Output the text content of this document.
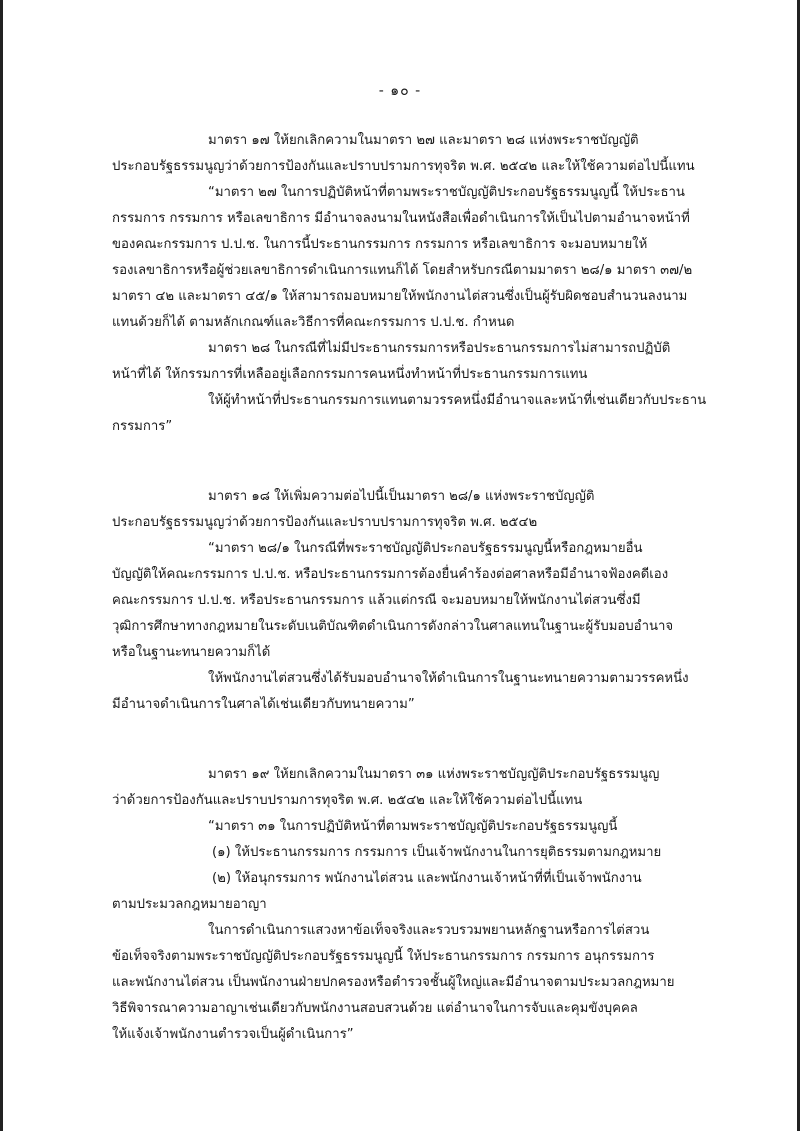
- ๑๐ -

มาตรา ๑๗ ให้ยกเลิกความในมาตรา ๒๗ และมาตรา ๒๘ แห่งพระราชบัญญัติ

ประกอบรัฐธรรมนูญว่าด้วยการป้องกันและปราบปรามการทุจริต พ.ศ. ๒๕๔๒ และให้ใช้ความต่อไปนี้แทน

“มาตรา ๒๗ ในการปฏิบัติหน้าที่ตามพระราชบัญญัติประกอบรัฐธรรมนูญนี้ ให้ประธาน

กรรมการ กรรมการ หรือเลขาธิการ มีอำนาจลงนามในหนังสือเพื่อดำเนินการให้เป็นไปตามอำนาจหน้าที่

ของคณะกรรมการ ป.ป.ช. ในการนี้ประธานกรรมการ กรรมการ หรือเลขาธิการ จะมอบหมายให้

รองเลขาธิการหรือผู้ช่วยเลขาธิการดำเนินการแทนก็ได้ โดยสำหรับกรณีตามมาตรา ๒๘/๑ มาตรา ๓๗/๒

มาตรา ๔๒ และมาตรา ๔๕/๑ ให้สามารถมอบหมายให้พนักงานไต่สวนซึ่งเป็นผู้รับผิดชอบสำนวนลงนาม

แทนด้วยก็ได้ ตามหลักเกณฑ์และวิธีการที่คณะกรรมการ ป.ป.ช. กำหนด

มาตรา ๒๘ ในกรณีที่ไม่มีประธานกรรมการหรือประธานกรรมการไม่สามารถปฏิบัติ

หน้าที่ได้ ให้กรรมการที่เหลืออยู่เลือกกรรมการคนหนึ่งทำหน้าที่ประธานกรรมการแทน

ให้ผู้ทำหน้าที่ประธานกรรมการแทนตามวรรคหนึ่งมีอำนาจและหน้าที่เช่นเดียวกับประธาน

กรรมการ”

มาตรา ๑๘ ให้เพิ่มความต่อไปนี้เป็นมาตรา ๒๘/๑ แห่งพระราชบัญญัติ

ประกอบรัฐธรรมนูญว่าด้วยการป้องกันและปราบปรามการทุจริต พ.ศ. ๒๕๔๒

“มาตรา ๒๘/๑ ในกรณีที่พระราชบัญญัติประกอบรัฐธรรมนูญนี้หรือกฎหมายอื่น

บัญญัติให้คณะกรรมการ ป.ป.ช. หรือประธานกรรมการต้องยื่นคำร้องต่อศาลหรือมีอำนาจฟ้องคดีเอง

คณะกรรมการ ป.ป.ช. หรือประธานกรรมการ แล้วแต่กรณี จะมอบหมายให้พนักงานไต่สวนซึ่งมี

วุฒิการศึกษาทางกฎหมายในระดับเนติบัณฑิตดำเนินการดังกล่าวในศาลแทนในฐานะผู้รับมอบอำนาจ

หรือในฐานะทนายความก็ได้

ให้พนักงานไต่สวนซึ่งได้รับมอบอำนาจให้ดำเนินการในฐานะทนายความตามวรรคหนึ่ง

มีอำนาจดำเนินการในศาลได้เช่นเดียวกับทนายความ”

มาตรา ๑๙ ให้ยกเลิกความในมาตรา ๓๑ แห่งพระราชบัญญัติประกอบรัฐธรรมนูญ

ว่าด้วยการป้องกันและปราบปรามการทุจริต พ.ศ. ๒๕๔๒ และให้ใช้ความต่อไปนี้แทน

“มาตรา ๓๑ ในการปฏิบัติหน้าที่ตามพระราชบัญญัติประกอบรัฐธรรมนูญนี้

(๑) ให้ประธานกรรมการ กรรมการ เป็นเจ้าพนักงานในการยุติธรรมตามกฎหมาย

(๒) ให้อนุกรรมการ พนักงานไต่สวน และพนักงานเจ้าหน้าที่ที่เป็นเจ้าพนักงาน

ตามประมวลกฎหมายอาญา

ในการดำเนินการแสวงหาข้อเท็จจริงและรวบรวมพยานหลักฐานหรือการไต่สวน

ข้อเท็จจริงตามพระราชบัญญัติประกอบรัฐธรรมนูญนี้ ให้ประธานกรรมการ กรรมการ อนุกรรมการ

และพนักงานไต่สวน เป็นพนักงานฝ่ายปกครองหรือตำรวจชั้นผู้ใหญ่และมีอำนาจตามประมวลกฎหมาย

วิธีพิจารณาความอาญาเช่นเดียวกับพนักงานสอบสวนด้วย แต่อำนาจในการจับและคุมขังบุคคล

ให้แจ้งเจ้าพนักงานตำรวจเป็นผู้ดำเนินการ”
